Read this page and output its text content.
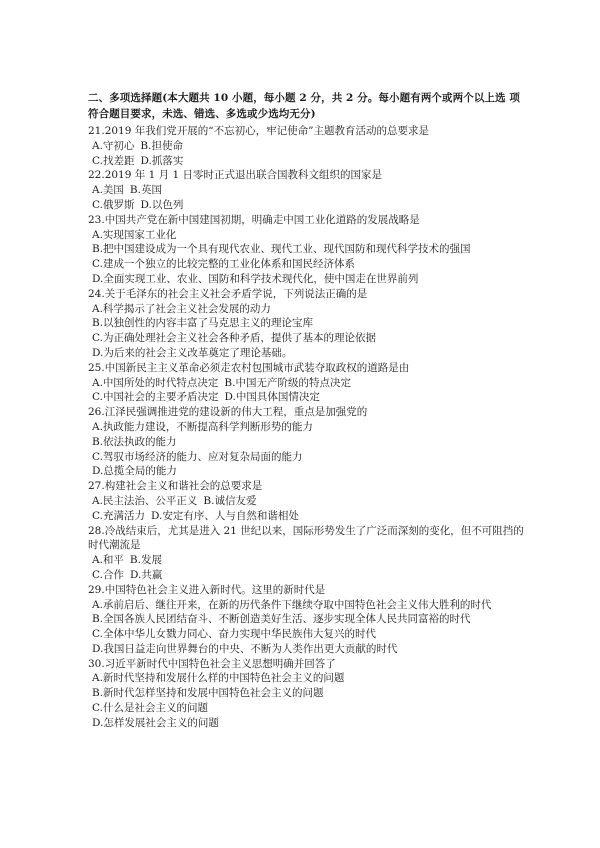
二、多项选择题(本大题共 10 小题，每小题 2 分，共 2 分。每小题有两个或两个以上选 项符合题目要求，未选、错选、多选或少选均无分)
21.2019 年我们党开展的“不忘初心，牢记使命”主题教育活动的总要求是
A.守初心 B.担使命
C.找差距 D.抓落实
22.2019 年 1 月 1 日零时正式退出联合国教科文组织的国家是
A.美国 B.英国
C.俄罗斯 D.以色列
23.中国共产党在新中国建国初期，明确走中国工业化道路的发展战略是
A.实现国家工业化
B.把中国建设成为一个具有现代农业、现代工业、现代国防和现代科学技术的强国
C.建成一个独立的比较完整的工业化体系和国民经济体系
D.全面实现工业、农业、国防和科学技术现代化，使中国走在世界前列
24.关于毛泽东的社会主义社会矛盾学说，下列说法正确的是
A.科学揭示了社会主义社会发展的动力
B.以独创性的内容丰富了马克思主义的理论宝库
C.为正确处理社会主义社会各种矛盾，提供了基本的理论依据
D.为后来的社会主义改革奠定了理论基础。
25.中国新民主主义革命必须走农村包围城市武装夺取政权的道路是由
A.中国所处的时代特点决定 B.中国无产阶级的特点决定
C.中国社会的主要矛盾决定 D.中国具体国情决定
26.江泽民强调推进党的建设新的伟大工程，重点是加强党的
A.执政能力建设，不断提高科学判断形势的能力
B.依法执政的能力
C.驾驭市场经济的能力、应对复杂局面的能力
D.总揽全局的能力
27.构建社会主义和谐社会的总要求是
A.民主法治、公平正义 B.诚信友爱
C.充满活力 D.安定有序、人与自然和谐相处
28.冷战结束后，尤其是进入 21 世纪以来，国际形势发生了广泛而深刻的变化，但不可阻挡的时代潮流是
A.和平 B.发展
C.合作 D.共赢
29.中国特色社会主义进入新时代。这里的新时代是
A.承前启后、继往开来，在新的历代条件下继续夺取中国特色社会主义伟大胜利的时代
B.全国各族人民团结奋斗、不断创造美好生活、逐步实现全体人民共同富裕的时代
C.全体中华儿女戮力同心、奋力实现中华民族伟大复兴的时代
D.我国日益走向世界舞台的中央、不断为人类作出更大贡献的时代
30.习近平新时代中国特色社会主义思想明确并回答了
A.新时代坚持和发展什么样的中国特色社会主义的问题
B.新时代怎样坚持和发展中国特色社会主义的问题
C.什么是社会主义的问题
D.怎样发展社会主义的问题
